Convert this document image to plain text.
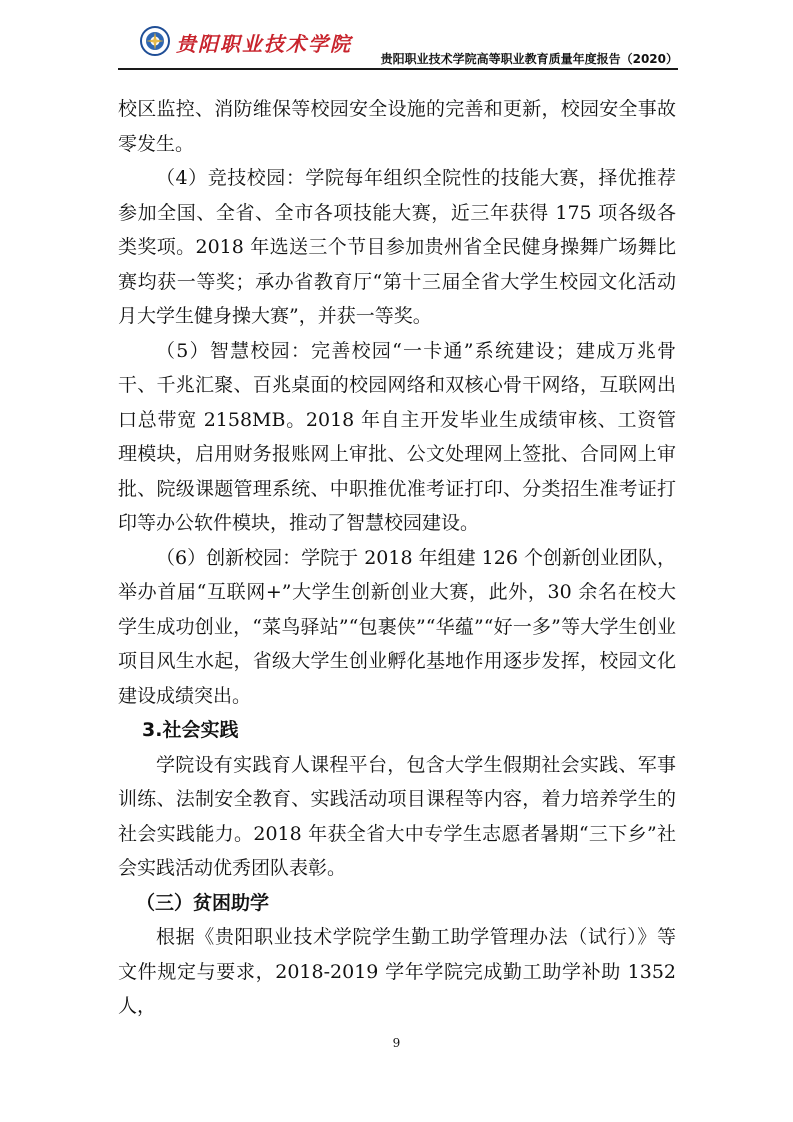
贵阳职业技术学院
贵阳职业技术学院高等职业教育质量年度报告（2020）

校区监控、消防维保等校园安全设施的完善和更新，校园安全事故零发生。

（4）竞技校园：学院每年组织全院性的技能大赛，择优推荐参加全国、全省、全市各项技能大赛，近三年获得 175 项各级各类奖项。2018 年选送三个节目参加贵州省全民健身操舞广场舞比赛均获一等奖；承办省教育厅“第十三届全省大学生校园文化活动月大学生健身操大赛”，并获一等奖。

（5）智慧校园：完善校园“一卡通”系统建设；建成万兆骨干、千兆汇聚、百兆桌面的校园网络和双核心骨干网络，互联网出口总带宽 2158MB。2018 年自主开发毕业生成绩审核、工资管理模块，启用财务报账网上审批、公文处理网上签批、合同网上审批、院级课题管理系统、中职推优准考证打印、分类招生准考证打印等办公软件模块，推动了智慧校园建设。

（6）创新校园：学院于 2018 年组建 126 个创新创业团队，举办首届“互联网+”大学生创新创业大赛，此外，30 余名在校大学生成功创业，“菜鸟驿站”“包裹侠”“华蕴”“好一多”等大学生创业项目风生水起，省级大学生创业孵化基地作用逐步发挥，校园文化建设成绩突出。

3.社会实践

学院设有实践育人课程平台，包含大学生假期社会实践、军事训练、法制安全教育、实践活动项目课程等内容，着力培养学生的社会实践能力。2018 年获全省大中专学生志愿者暑期“三下乡”社会实践活动优秀团队表彰。

（三）贫困助学

根据《贵阳职业技术学院学生勤工助学管理办法（试行）》等文件规定与要求，2018-2019 学年学院完成勤工助学补助 1352 人，

9
